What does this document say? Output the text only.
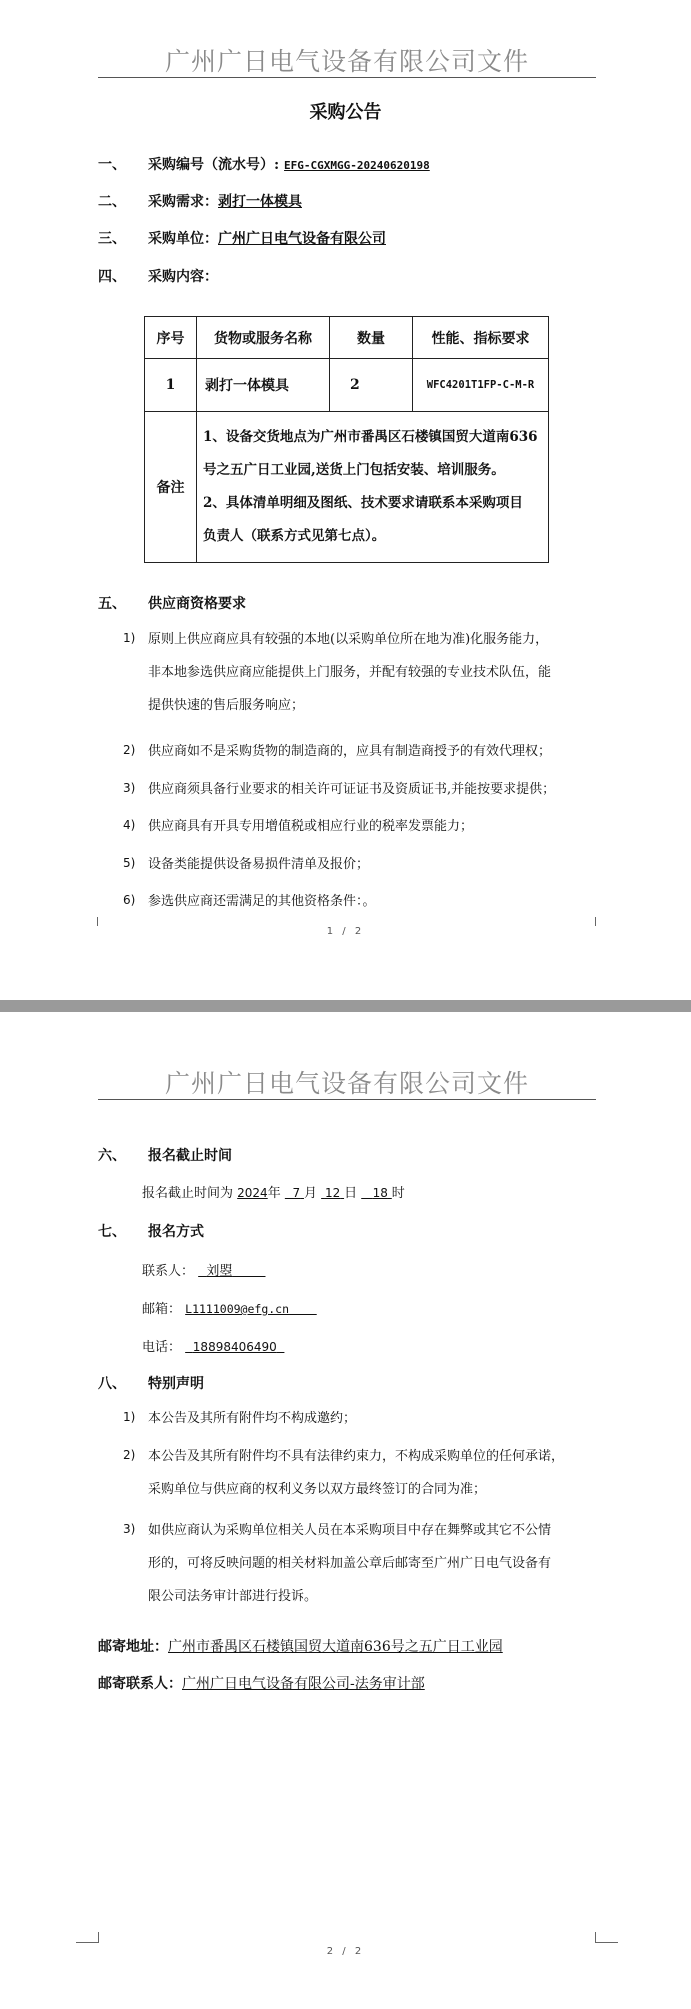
广州广日电气设备有限公司文件
采购公告
一、 采购编号（流水号）: EFG-CGXMGG-20240620198
二、 采购需求：剥打一体模具
三、 采购单位：广州广日电气设备有限公司
四、 采购内容：
序号	货物或服务名称	数量	性能、指标要求
1	剥打一体模具	2	WFC4201T1FP-C-M-R
备注	1、设备交货地点为广州市番禺区石楼镇国贸大道南636
号之五广日工业园,送货上门包括安装、培训服务。
2、具体清单明细及图纸、技术要求请联系本采购项目
负责人（联系方式见第七点）。		
五、 供应商资格要求
1) 原则上供应商应具有较强的本地(以采购单位所在地为准)化服务能力，
非本地参选供应商应能提供上门服务，并配有较强的专业技术队伍，能
提供快速的售后服务响应；
2) 供应商如不是采购货物的制造商的，应具有制造商授予的有效代理权；
3) 供应商须具备行业要求的相关许可证证书及资质证书,并能按要求提供；
4) 供应商具有开具专用增值税或相应行业的税率发票能力；
5) 设备类能提供设备易损件清单及报价；
6) 参选供应商还需满足的其他资格条件：。
1 / 2
广州广日电气设备有限公司文件
六、 报名截止时间
报名截止时间为 2024年 7 月 12 日 18 时
七、 报名方式
联系人： 刘曌
邮箱： L1111009@efg.cn
电话： 18898406490
八、 特别声明
1) 本公告及其所有附件均不构成邀约；
2) 本公告及其所有附件均不具有法律约束力，不构成采购单位的任何承诺，
采购单位与供应商的权利义务以双方最终签订的合同为准；
3) 如供应商认为采购单位相关人员在本采购项目中存在舞弊或其它不公情
形的，可将反映问题的相关材料加盖公章后邮寄至广州广日电气设备有
限公司法务审计部进行投诉。
邮寄地址：广州市番禺区石楼镇国贸大道南636号之五广日工业园
邮寄联系人：广州广日电气设备有限公司-法务审计部
2 / 2
